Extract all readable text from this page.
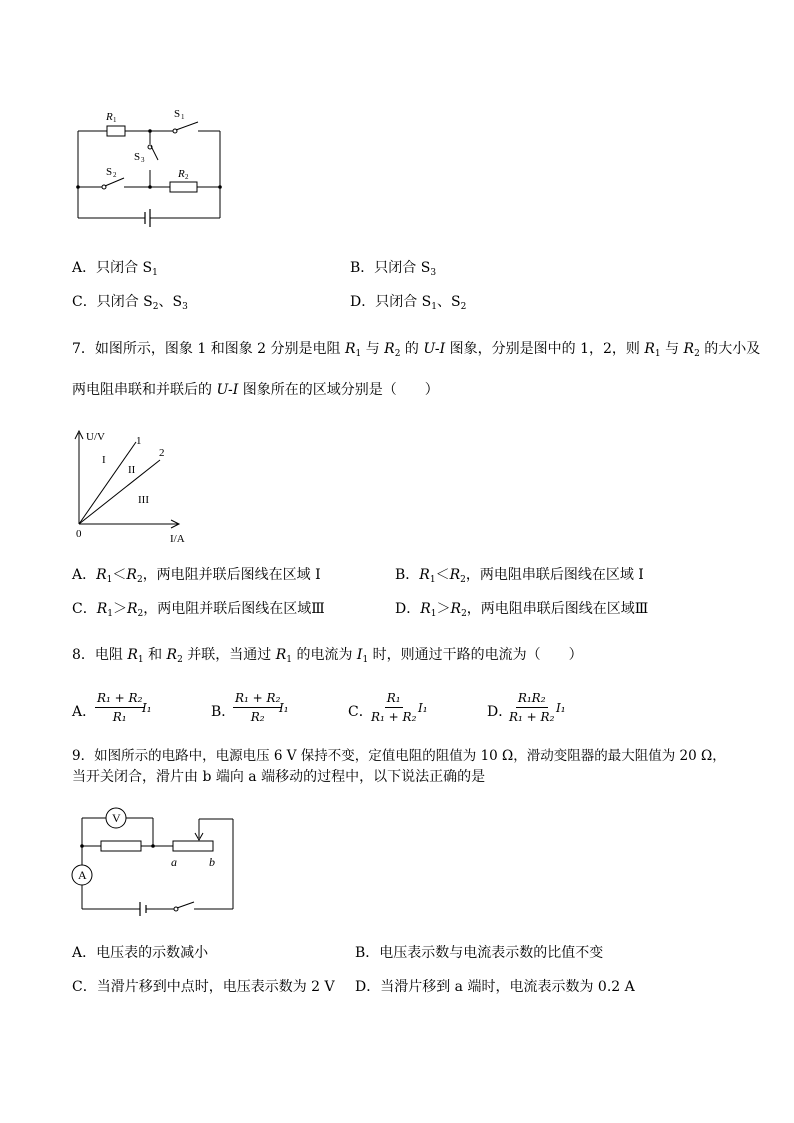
R 1
R 2
S
S
S
1
2
3
A．只闭合 $S_1$	B．只闭合 $S_3$
C．只闭合 $S_2$、$S_3$	D．只闭合 $S_1$、$S_2$
7．如图所示，图象 1 和图象 2 分别是电阻 $R_1$ 与 $R_2$ 的 U-I 图象，分别是图中的 1，2，则 $R_1$ 与 $R_2$ 的大小及
两电阻串联和并联后的 U-I 图象所在的区域分别是（　　）
U/V
I/A
0
1
2
I
II
III
A．$R_1<R_2$，两电阻并联后图线在区域 I	B．$R_1<R_2$，两电阻串联后图线在区域 I
C．$R_1>R_2$，两电阻并联后图线在区域Ⅲ	D．$R_1>R_2$，两电阻串联后图线在区域Ⅲ
8．电阻 $R_1$ 和 $R_2$ 并联，当通过 $R_1$ 的电流为 $I_1$ 时，则通过干路的电流为（　　）
A．
$\frac{\text{R₁ + R₂}}{\text{R₁}}$
I₁	B．
$\frac{\text{R₁ + R₂}}{\text{R₂}}$
I₁	C．
$\frac{\text{R₁}}{\text{R₁ + R₂}} I_1$	D．
$\frac{\text{R₁R₂}}{\text{R₁ + R₂}} I_1$
9．如图所示的电路中，电源电压 6 V 保持不变，定值电阻的阻值为 10 Ω，滑动变阻器的最大阻值为 20 Ω，
当开关闭合，滑片由 b 端向 a 端移动的过程中，以下说法正确的是
V
A
a	b
A．电压表的示数减小	B．电压表示数与电流表示数的比值不变
C．当滑片移到中点时，电压表示数为 2 V D．当滑片移到 a 端时，电流表示数为 0.2 A
